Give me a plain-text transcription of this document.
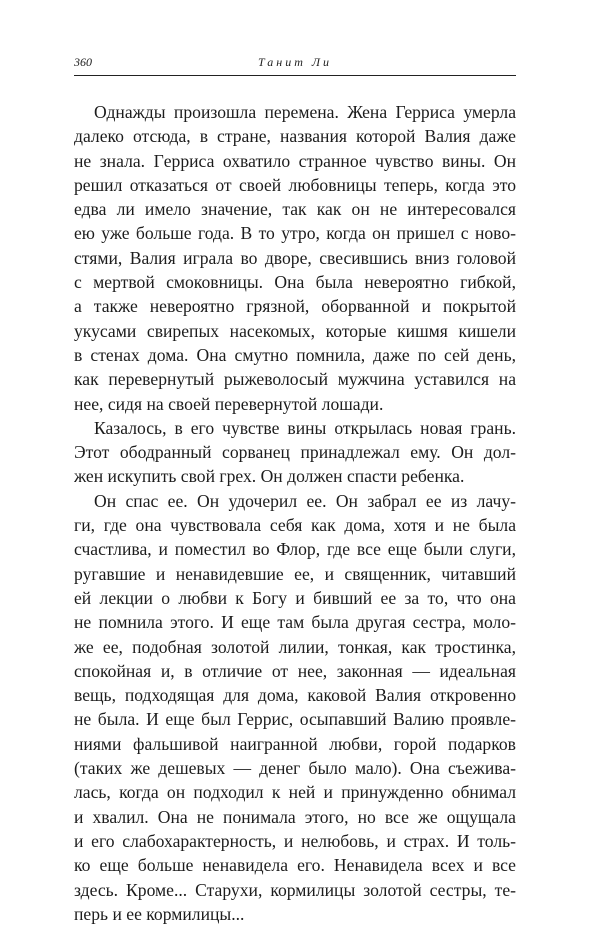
360	Танит Ли
Однажды произошла перемена. Жена Герриса умерла
далеко отсюда, в стране, названия которой Валия даже
не знала. Гeрриса охватило странное чувство вины. Он
решил отказаться от своей любовницы теперь, когда это
едва ли имело значение, так как он не интересовался
ею уже больше года. В то утро, когда он пришел с ново-
стями, Валия играла во дворе, свесившись вниз головой
с мертвой смоковницы. Она была невероятно гибкой,
а также невероятно грязной, оборванной и покрытой
укусами свирепых насекомых, которые кишмя кишели
в стенах дома. Она смутно помнила, даже по сей день,
как перевернутый рыжеволосый мужчина уставился на
нее, сидя на своей перевернутой лошади.
Казалось, в его чувстве вины открылась новая грань.
Этот ободранный сорванец принадлежал ему. Он дол-
жен искупить свой грех. Он должен спасти ребенка.
Он спас ее. Он удочерил ее. Он забрал ее из лачу-
ги, где она чувствовала себя как дома, хотя и не была
счастлива, и поместил во Флор, где все еще были слуги,
ругавшие и ненавидевшие ее, и священник, читавший
ей лекции о любви к Богу и бивший ее за то, что она
не помнила этого. И еще там была другая сестра, моло-
же ее, подобная золотой лилии, тонкая, как тростинка,
спокойная и, в отличие от нее, законная — идеальная
вещь, подходящая для дома, каковой Валия откровенно
не была. И еще был Геррис, осыпавший Валию проявле-
ниями фальшивой наигранной любви, горой подарков
(таких же дешевых — денег было мало). Она съежива-
лась, когда он подходил к ней и принужденно обнимал
и хвалил. Она не понимала этого, но все же ощущала
и его слабохарактерность, и нелюбовь, и страх. И толь-
ко еще больше ненавидела его. Ненавидела всех и все
здесь. Кроме... Старухи, кормилицы золотой сестры, те-
перь и ее кормилицы...
